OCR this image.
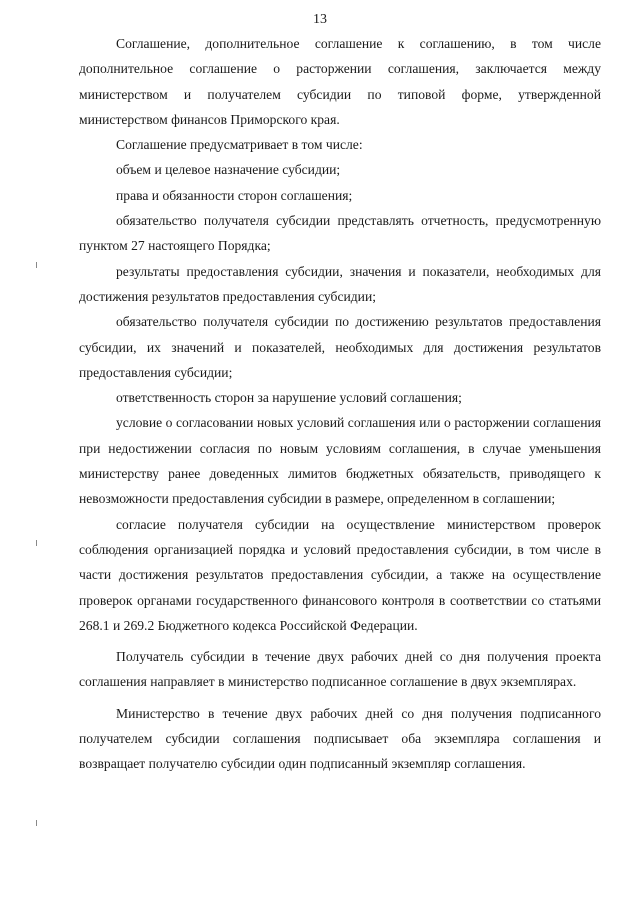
13

Соглашение, дополнительное соглашение к соглашению, в том числе дополнительное соглашение о расторжении соглашения, заключается между министерством и получателем субсидии по типовой форме, утвержденной министерством финансов Приморского края.

Соглашение предусматривает в том числе:

объем и целевое назначение субсидии;

права и обязанности сторон соглашения;

обязательство получателя субсидии представлять отчетность, предусмотренную пунктом 27 настоящего Порядка;

результаты предоставления субсидии, значения и показатели, необходимых для достижения результатов предоставления субсидии;

обязательство получателя субсидии по достижению результатов предоставления субсидии, их значений и показателей, необходимых для достижения результатов предоставления субсидии;

ответственность сторон за нарушение условий соглашения;

условие о согласовании новых условий соглашения или о расторжении соглашения при недостижении согласия по новым условиям соглашения, в случае уменьшения министерству ранее доведенных лимитов бюджетных обязательств, приводящего к невозможности предоставления субсидии в размере, определенном в соглашении;

согласие получателя субсидии на осуществление министерством проверок соблюдения организацией порядка и условий предоставления субсидии, в том числе в части достижения результатов предоставления субсидии, а также на осуществление проверок органами государственного финансового контроля в соответствии со статьями 268.1 и 269.2 Бюджетного кодекса Российской Федерации.

Получатель субсидии в течение двух рабочих дней со дня получения проекта соглашения направляет в министерство подписанное соглашение в двух экземплярах.

Министерство в течение двух рабочих дней со дня получения подписанного получателем субсидии соглашения подписывает оба экземпляра соглашения и возвращает получателю субсидии один подписанный экземпляр соглашения.
